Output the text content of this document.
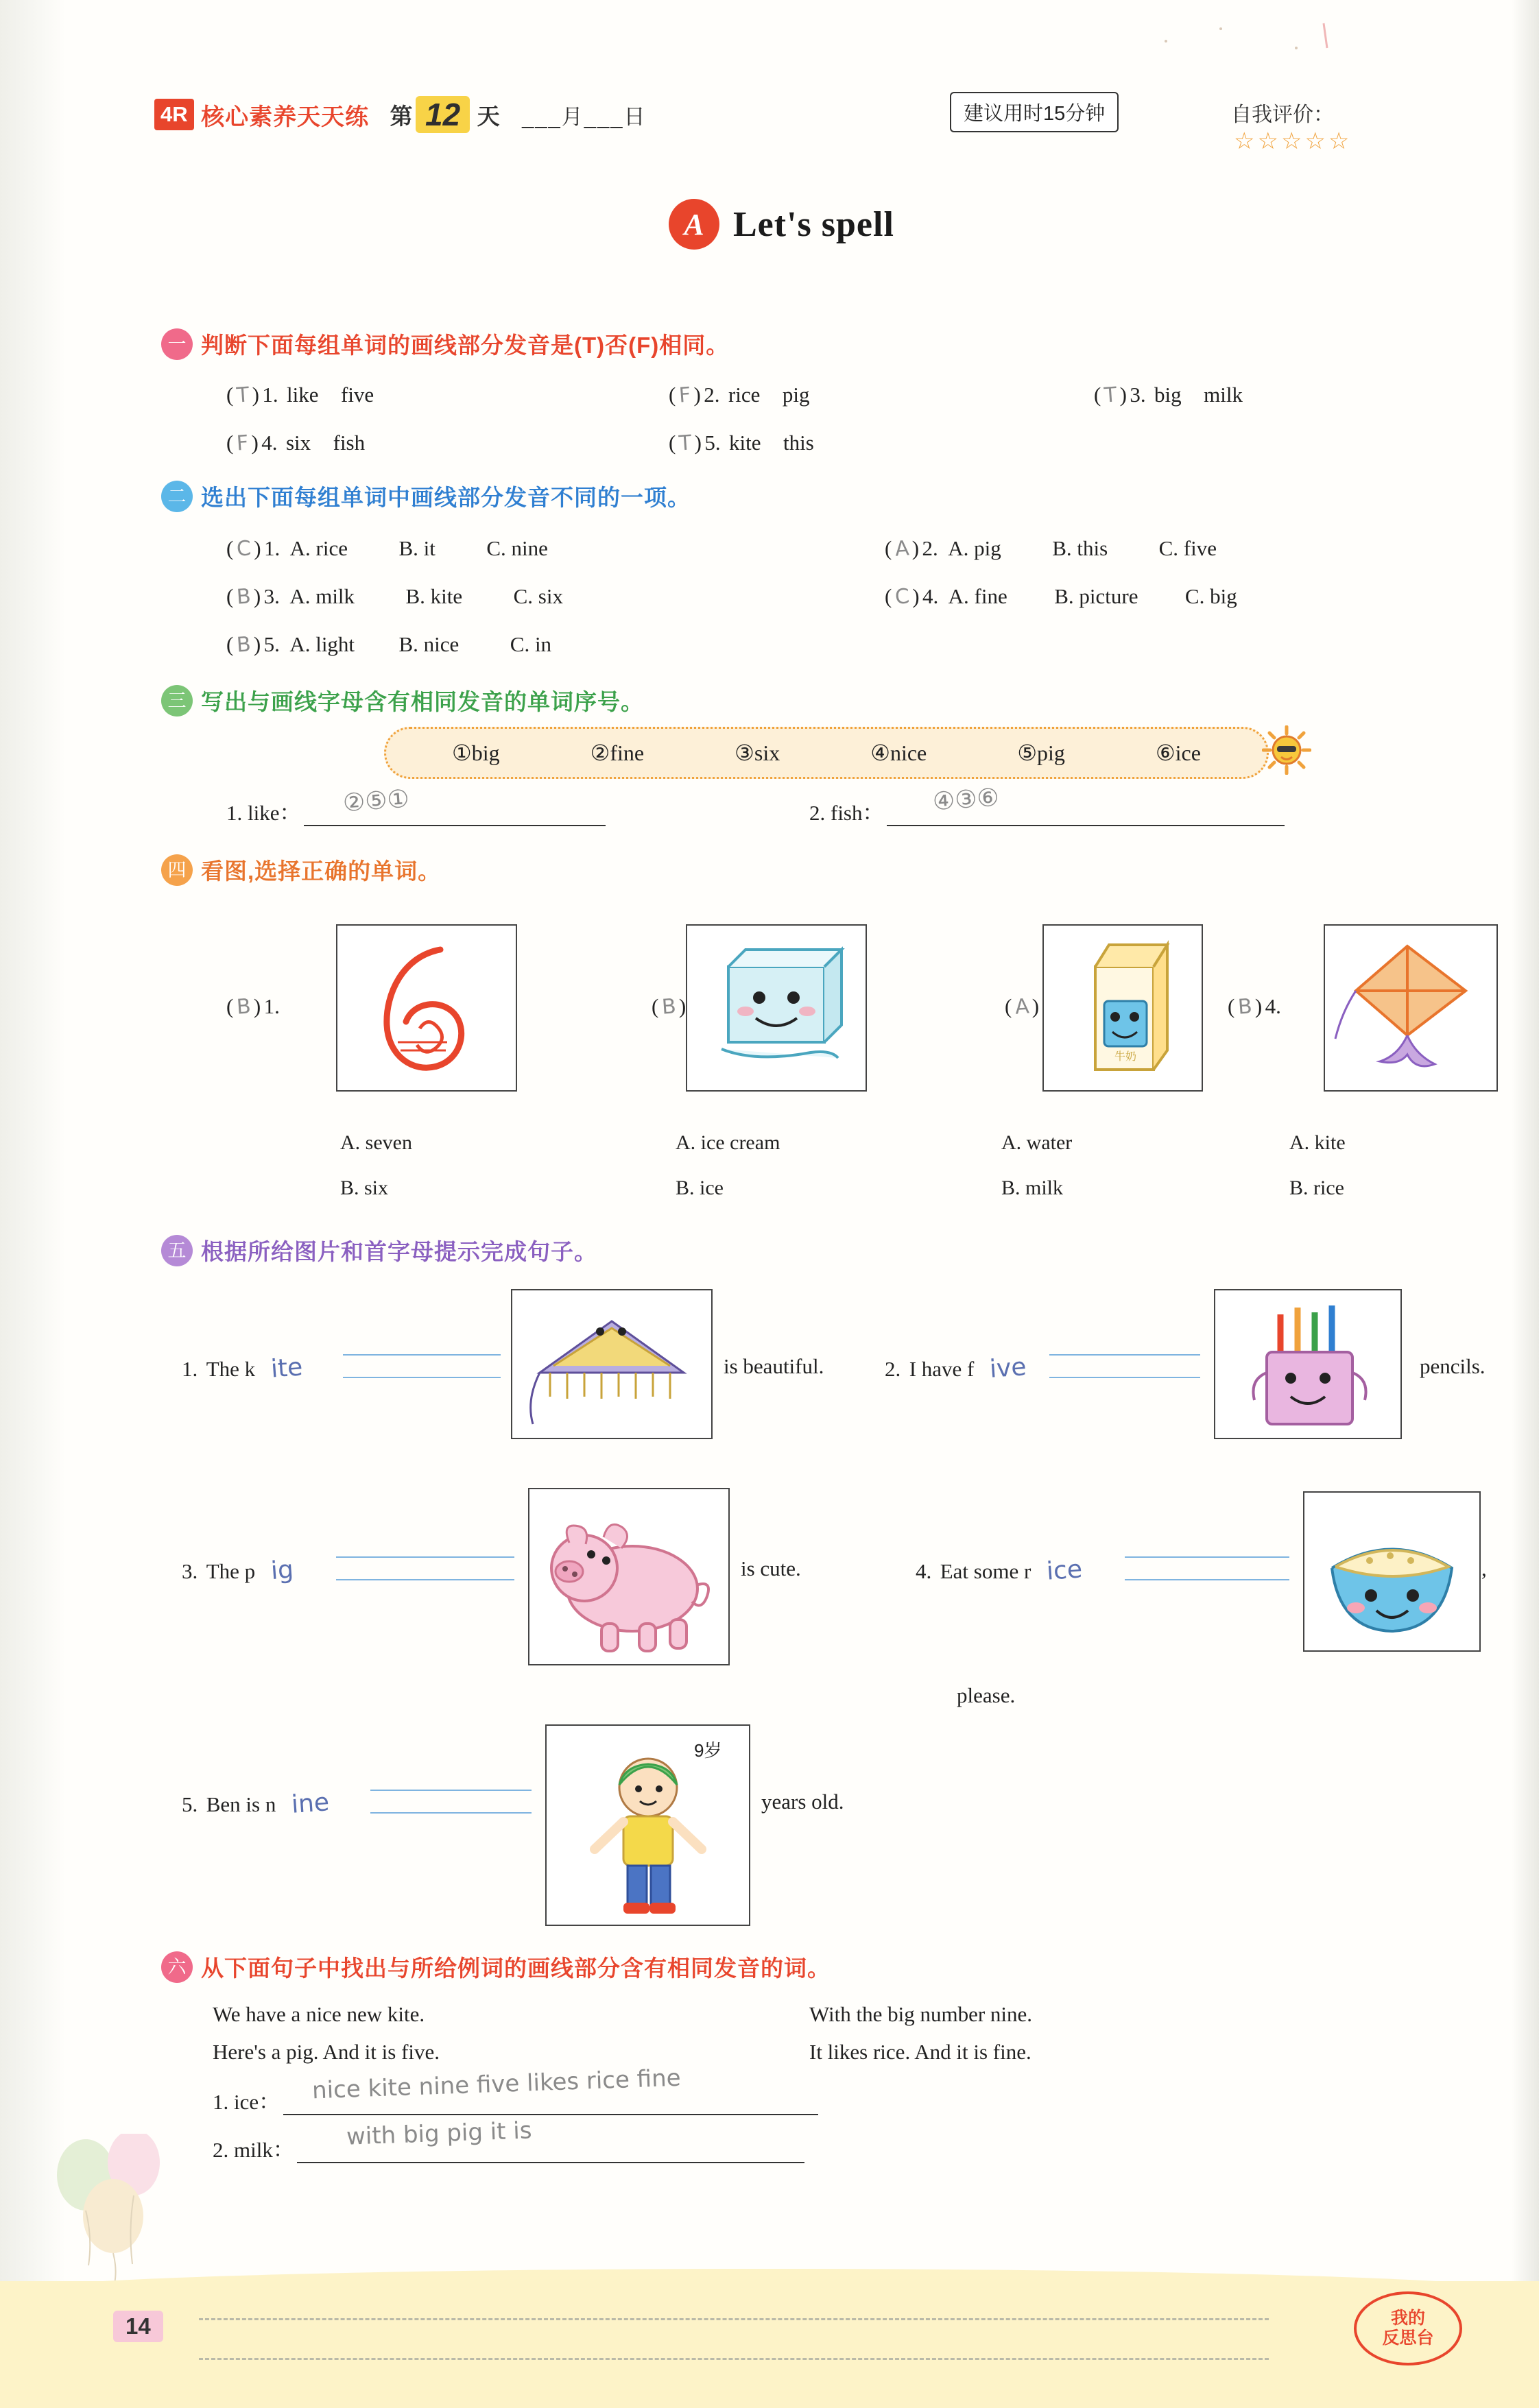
4R 核心素养天天练 第 12 天 ___月___日	建议用时15分钟	自我评价：☆☆☆☆☆
A Let's spell
一 判断下面每组单词的画线部分发音是(T)否(F)相同。
( T ) 1. like five	( F ) 2. rice pig	( T ) 3. big milk
( F ) 4. six fish	( T ) 5. kite this
二 选出下面每组单词中画线部分发音不同的一项。
( C ) 1. A. rice B. it C. nine	( A ) 2. A. pig B. this C. five
( B ) 3. A. milk B. kite C. six	( C ) 4. A. fine B. picture C. big
( B ) 5. A. light B. nice C. in
三 写出与画线字母含有相同发音的单词序号。
①big	②fine	③six	④nice	⑤pig	⑥ice
1. like： ②⑤①	2. fish： ④③⑥
四 看图,选择正确的单词。
( B ) 1.
A. seven
B. six
( B )
A. ice cream
B. ice
( A )
牛奶
A. water
B. milk
( B ) 4.
A. kite
B. rice
五 根据所给图片和首字母提示完成句子。
1. The k ite	is beautiful.	2. I have f ive	pencils.
3. The p ig	is cute.	4. Eat some r ice	,
please.
9岁
5. Ben is n ine	years old.
六 从下面句子中找出与所给例词的画线部分含有相同发音的词。
We have a nice new kite.	With the big number nine.
Here's a pig. And it is five.	It likes rice. And it is fine.
1. ice：	nice kite nine five likes rice fine
2. milk：	with big pig it is
14	我的
反思台
